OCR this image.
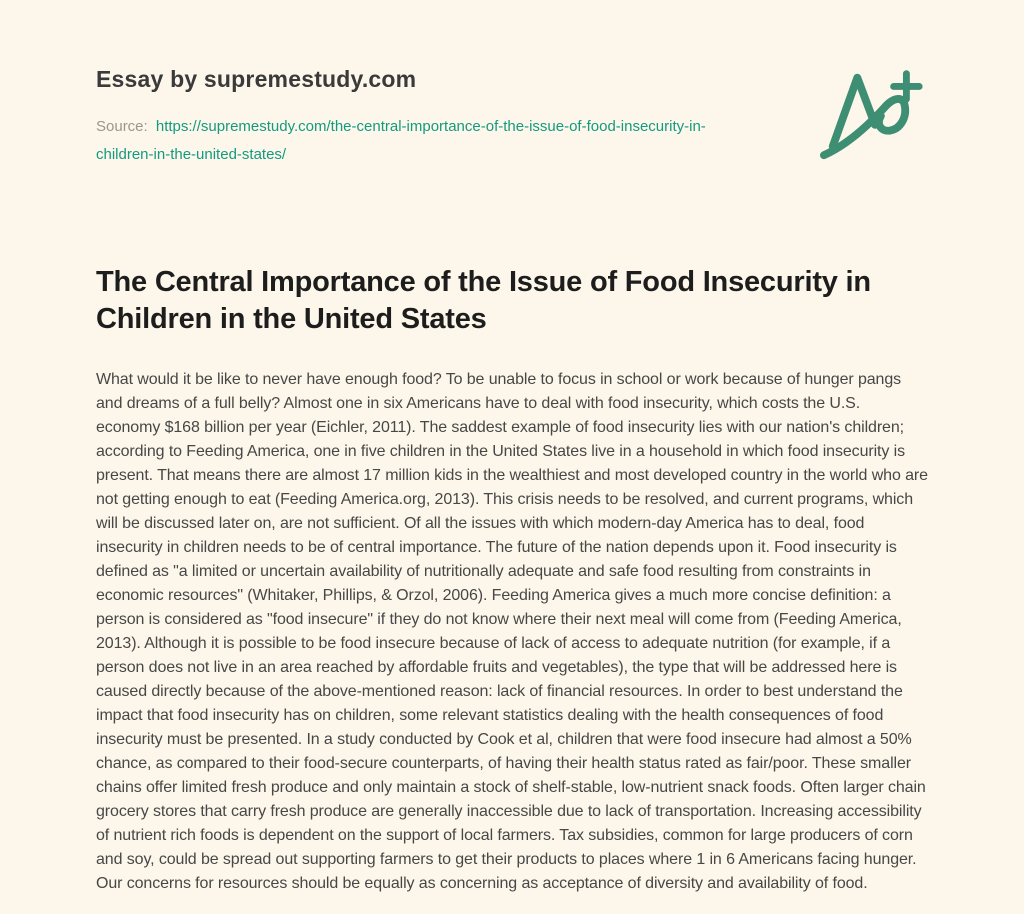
Essay by supremestudy.com

Source: https://supremestudy.com/the-central-importance-of-the-issue-of-food-insecurity-in-children-in-the-united-states/

The Central Importance of the Issue of Food Insecurity in Children in the United States

What would it be like to never have enough food? To be unable to focus in school or work because of hunger pangs and dreams of a full belly? Almost one in six Americans have to deal with food insecurity, which costs the U.S. economy $168 billion per year (Eichler, 2011). The saddest example of food insecurity lies with our nation's children; according to Feeding America, one in five children in the United States live in a household in which food insecurity is present. That means there are almost 17 million kids in the wealthiest and most developed country in the world who are not getting enough to eat (Feeding America.org, 2013). This crisis needs to be resolved, and current programs, which will be discussed later on, are not sufficient. Of all the issues with which modern-day America has to deal, food insecurity in children needs to be of central importance. The future of the nation depends upon it. Food insecurity is defined as "a limited or uncertain availability of nutritionally adequate and safe food resulting from constraints in economic resources" (Whitaker, Phillips, & Orzol, 2006). Feeding America gives a much more concise definition: a person is considered as "food insecure" if they do not know where their next meal will come from (Feeding America, 2013). Although it is possible to be food insecure because of lack of access to adequate nutrition (for example, if a person does not live in an area reached by affordable fruits and vegetables), the type that will be addressed here is caused directly because of the above-mentioned reason: lack of financial resources. In order to best understand the impact that food insecurity has on children, some relevant statistics dealing with the health consequences of food insecurity must be presented. In a study conducted by Cook et al, children that were food insecure had almost a 50% chance, as compared to their food-secure counterparts, of having their health status rated as fair/poor. These smaller chains offer limited fresh produce and only maintain a stock of shelf-stable, low-nutrient snack foods. Often larger chain grocery stores that carry fresh produce are generally inaccessible due to lack of transportation. Increasing accessibility of nutrient rich foods is dependent on the support of local farmers. Tax subsidies, common for large producers of corn and soy, could be spread out supporting farmers to get their products to places where 1 in 6 Americans facing hunger. Our concerns for resources should be equally as concerning as acceptance of diversity and availability of food.
